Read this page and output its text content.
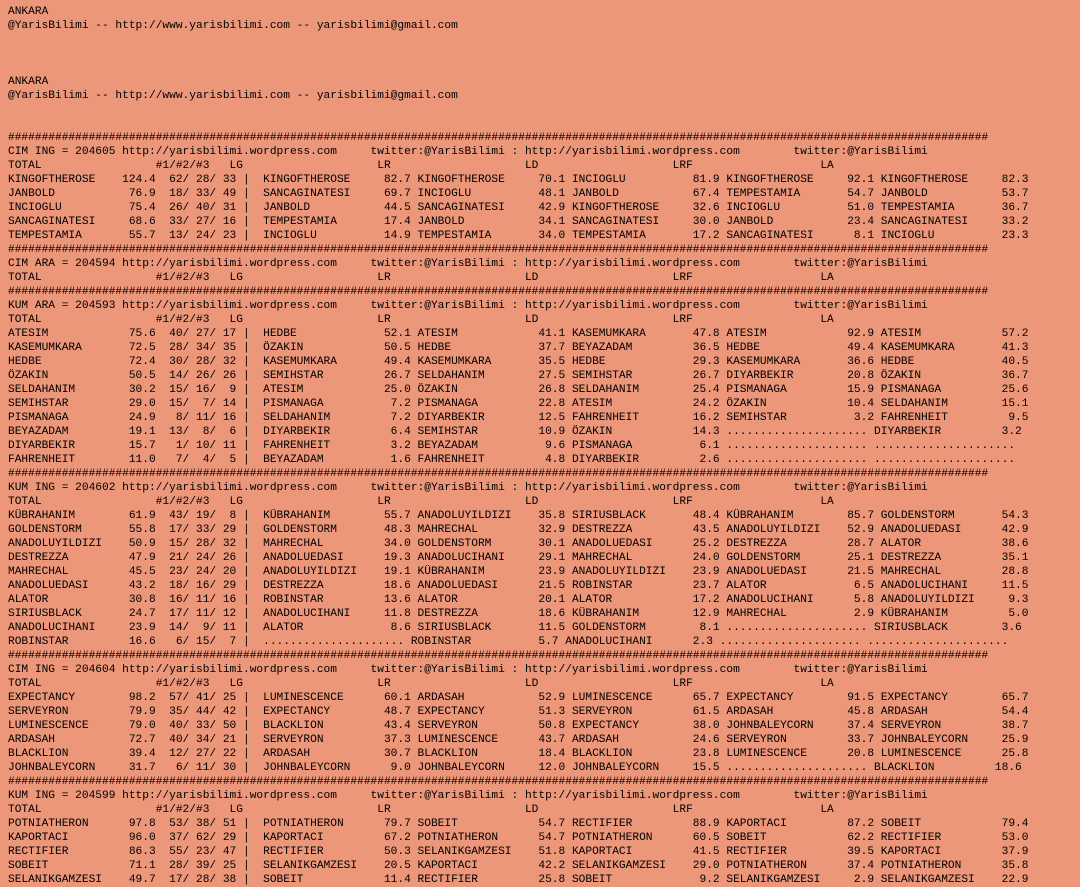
ANKARA
@YarisBilimi -- http://www.yarisbilimi.com -- yarisbilimi@gmail.com
ANKARA
@YarisBilimi -- http://www.yarisbilimi.com -- yarisbilimi@gmail.com
##################################################################################################################################################
CIM ING = 204605 http://yarisbilimi.wordpress.com     twitter:@YarisBilimi : http://yarisbilimi.wordpress.com        twitter:@YarisBilimi
TOTAL                 #1/#2/#3   LG                    LR                    LD                    LRF                   LA
KINGOFTHEROSE    124.4  62/ 28/ 33 |  KINGOFTHEROSE     82.7 KINGOFTHEROSE     70.1 INCIOGLU          81.9 KINGOFTHEROSE     92.1 KINGOFTHEROSE     82.3
JANBOLD           76.9  18/ 33/ 49 |  SANCAGINATESI     69.7 INCIOGLU          48.1 JANBOLD           67.4 TEMPESTAMIA       54.7 JANBOLD           53.7
INCIOGLU          75.4  26/ 40/ 31 |  JANBOLD           44.5 SANCAGINATESI     42.9 KINGOFTHEROSE     32.6 INCIOGLU          51.0 TEMPESTAMIA       36.7
SANCAGINATESI     68.6  33/ 27/ 16 |  TEMPESTAMIA       17.4 JANBOLD           34.1 SANCAGINATESI     30.0 JANBOLD           23.4 SANCAGINATESI     33.2
TEMPESTAMIA       55.7  13/ 24/ 23 |  INCIOGLU          14.9 TEMPESTAMIA       34.0 TEMPESTAMIA       17.2 SANCAGINATESI      8.1 INCIOGLU          23.3
##################################################################################################################################################
CIM ARA = 204594 http://yarisbilimi.wordpress.com     twitter:@YarisBilimi : http://yarisbilimi.wordpress.com        twitter:@YarisBilimi
TOTAL                 #1/#2/#3   LG                    LR                    LD                    LRF                   LA
##################################################################################################################################################
KUM ARA = 204593 http://yarisbilimi.wordpress.com     twitter:@YarisBilimi : http://yarisbilimi.wordpress.com        twitter:@YarisBilimi
TOTAL                 #1/#2/#3   LG                    LR                    LD                    LRF                   LA
ATESIM            75.6  40/ 27/ 17 |  HEDBE             52.1 ATESIM            41.1 KASEMUMKARA       47.8 ATESIM            92.9 ATESIM            57.2
KASEMUMKARA       72.5  28/ 34/ 35 |  ÖZAKIN            50.5 HEDBE             37.7 BEYAZADAM         36.5 HEDBE             49.4 KASEMUMKARA       41.3
HEDBE             72.4  30/ 28/ 32 |  KASEMUMKARA       49.4 KASEMUMKARA       35.5 HEDBE             29.3 KASEMUMKARA       36.6 HEDBE             40.5
ÖZAKIN            50.5  14/ 26/ 26 |  SEMIHSTAR         26.7 SELDAHANIM        27.5 SEMIHSTAR         26.7 DIYARBEKIR        20.8 ÖZAKIN            36.7
SELDAHANIM        30.2  15/ 16/  9 |  ATESIM            25.0 ÖZAKIN            26.8 SELDAHANIM        25.4 PISMANAGA         15.9 PISMANAGA         25.6
SEMIHSTAR         29.0  15/  7/ 14 |  PISMANAGA          7.2 PISMANAGA         22.8 ATESIM            24.2 ÖZAKIN            10.4 SELDAHANIM        15.1
PISMANAGA         24.9   8/ 11/ 16 |  SELDAHANIM         7.2 DIYARBEKIR        12.5 FAHRENHEIT        16.2 SEMIHSTAR          3.2 FAHRENHEIT         9.5
BEYAZADAM         19.1  13/  8/  6 |  DIYARBEKIR         6.4 SEMIHSTAR         10.9 ÖZAKIN            14.3 ..................... DIYARBEKIR         3.2
DIYARBEKIR        15.7   1/ 10/ 11 |  FAHRENHEIT         3.2 BEYAZADAM          9.6 PISMANAGA          6.1 ..................... .....................
FAHRENHEIT        11.0   7/  4/  5 |  BEYAZADAM          1.6 FAHRENHEIT         4.8 DIYARBEKIR         2.6 ..................... .....................
##################################################################################################################################################
KUM ING = 204602 http://yarisbilimi.wordpress.com     twitter:@YarisBilimi : http://yarisbilimi.wordpress.com        twitter:@YarisBilimi
TOTAL                 #1/#2/#3   LG                    LR                    LD                    LRF                   LA
KÜBRAHANIM        61.9  43/ 19/  8 |  KÜBRAHANIM        55.7 ANADOLUYILDIZI    35.8 SIRIUSBLACK       48.4 KÜBRAHANIM        85.7 GOLDENSTORM       54.3
GOLDENSTORM       55.8  17/ 33/ 29 |  GOLDENSTORM       48.3 MAHRECHAL         32.9 DESTREZZA         43.5 ANADOLUYILDIZI    52.9 ANADOLUEDASI      42.9
ANADOLUYILDIZI    50.9  15/ 28/ 32 |  MAHRECHAL         34.0 GOLDENSTORM       30.1 ANADOLUEDASI      25.2 DESTREZZA         28.7 ALATOR            38.6
DESTREZZA         47.9  21/ 24/ 26 |  ANADOLUEDASI      19.3 ANADOLUCIHANI     29.1 MAHRECHAL         24.0 GOLDENSTORM       25.1 DESTREZZA         35.1
MAHRECHAL         45.5  23/ 24/ 20 |  ANADOLUYILDIZI    19.1 KÜBRAHANIM        23.9 ANADOLUYILDIZI    23.9 ANADOLUEDASI      21.5 MAHRECHAL         28.8
ANADOLUEDASI      43.2  18/ 16/ 29 |  DESTREZZA         18.6 ANADOLUEDASI      21.5 ROBINSTAR         23.7 ALATOR             6.5 ANADOLUCIHANI     11.5
ALATOR            30.8  16/ 11/ 16 |  ROBINSTAR         13.6 ALATOR            20.1 ALATOR            17.2 ANADOLUCIHANI      5.8 ANADOLUYILDIZI     9.3
SIRIUSBLACK       24.7  17/ 11/ 12 |  ANADOLUCIHANI     11.8 DESTREZZA         18.6 KÜBRAHANIM        12.9 MAHRECHAL          2.9 KÜBRAHANIM         5.0
ANADOLUCIHANI     23.9  14/  9/ 11 |  ALATOR             8.6 SIRIUSBLACK       11.5 GOLDENSTORM        8.1 ..................... SIRIUSBLACK        3.6
ROBINSTAR         16.6   6/ 15/  7 |  ..................... ROBINSTAR          5.7 ANADOLUCIHANI      2.3 ..................... .....................
##################################################################################################################################################
CIM ING = 204604 http://yarisbilimi.wordpress.com     twitter:@YarisBilimi : http://yarisbilimi.wordpress.com        twitter:@YarisBilimi
TOTAL                 #1/#2/#3   LG                    LR                    LD                    LRF                   LA
EXPECTANCY        98.2  57/ 41/ 25 |  LUMINESCENCE      60.1 ARDASAH           52.9 LUMINESCENCE      65.7 EXPECTANCY        91.5 EXPECTANCY        65.7
SERVEYRON         79.9  35/ 44/ 42 |  EXPECTANCY        48.7 EXPECTANCY        51.3 SERVEYRON         61.5 ARDASAH           45.8 ARDASAH           54.4
LUMINESCENCE      79.0  40/ 33/ 50 |  BLACKLION         43.4 SERVEYRON         50.8 EXPECTANCY        38.0 JOHNBALEYCORN     37.4 SERVEYRON         38.7
ARDASAH           72.7  40/ 34/ 21 |  SERVEYRON         37.3 LUMINESCENCE      43.7 ARDASAH           24.6 SERVEYRON         33.7 JOHNBALEYCORN     25.9
BLACKLION         39.4  12/ 27/ 22 |  ARDASAH           30.7 BLACKLION         18.4 BLACKLION         23.8 LUMINESCENCE      20.8 LUMINESCENCE      25.8
JOHNBALEYCORN     31.7   6/ 11/ 30 |  JOHNBALEYCORN      9.0 JOHNBALEYCORN     12.0 JOHNBALEYCORN     15.5 ..................... BLACKLION         18.6
##################################################################################################################################################
KUM ING = 204599 http://yarisbilimi.wordpress.com     twitter:@YarisBilimi : http://yarisbilimi.wordpress.com        twitter:@YarisBilimi
TOTAL                 #1/#2/#3   LG                    LR                    LD                    LRF                   LA
POTNIATHERON      97.8  53/ 38/ 51 |  POTNIATHERON      79.7 SOBEIT            54.7 RECTIFIER         88.9 KAPORTACI         87.2 SOBEIT            79.4
KAPORTACI         96.0  37/ 62/ 29 |  KAPORTACI         67.2 POTNIATHERON      54.7 POTNIATHERON      60.5 SOBEIT            62.2 RECTIFIER         53.0
RECTIFIER         86.3  55/ 23/ 47 |  RECTIFIER         50.3 SELANIKGAMZESI    51.8 KAPORTACI         41.5 RECTIFIER         39.5 KAPORTACI         37.9
SOBEIT            71.1  28/ 39/ 25 |  SELANIKGAMZESI    20.5 KAPORTACI         42.2 SELANIKGAMZESI    29.0 POTNIATHERON      37.4 POTNIATHERON      35.8
SELANIKGAMZESI    49.7  17/ 28/ 38 |  SOBEIT            11.4 RECTIFIER         25.8 SOBEIT             9.2 SELANIKGAMZESI     2.9 SELANIKGAMZESI    22.9
